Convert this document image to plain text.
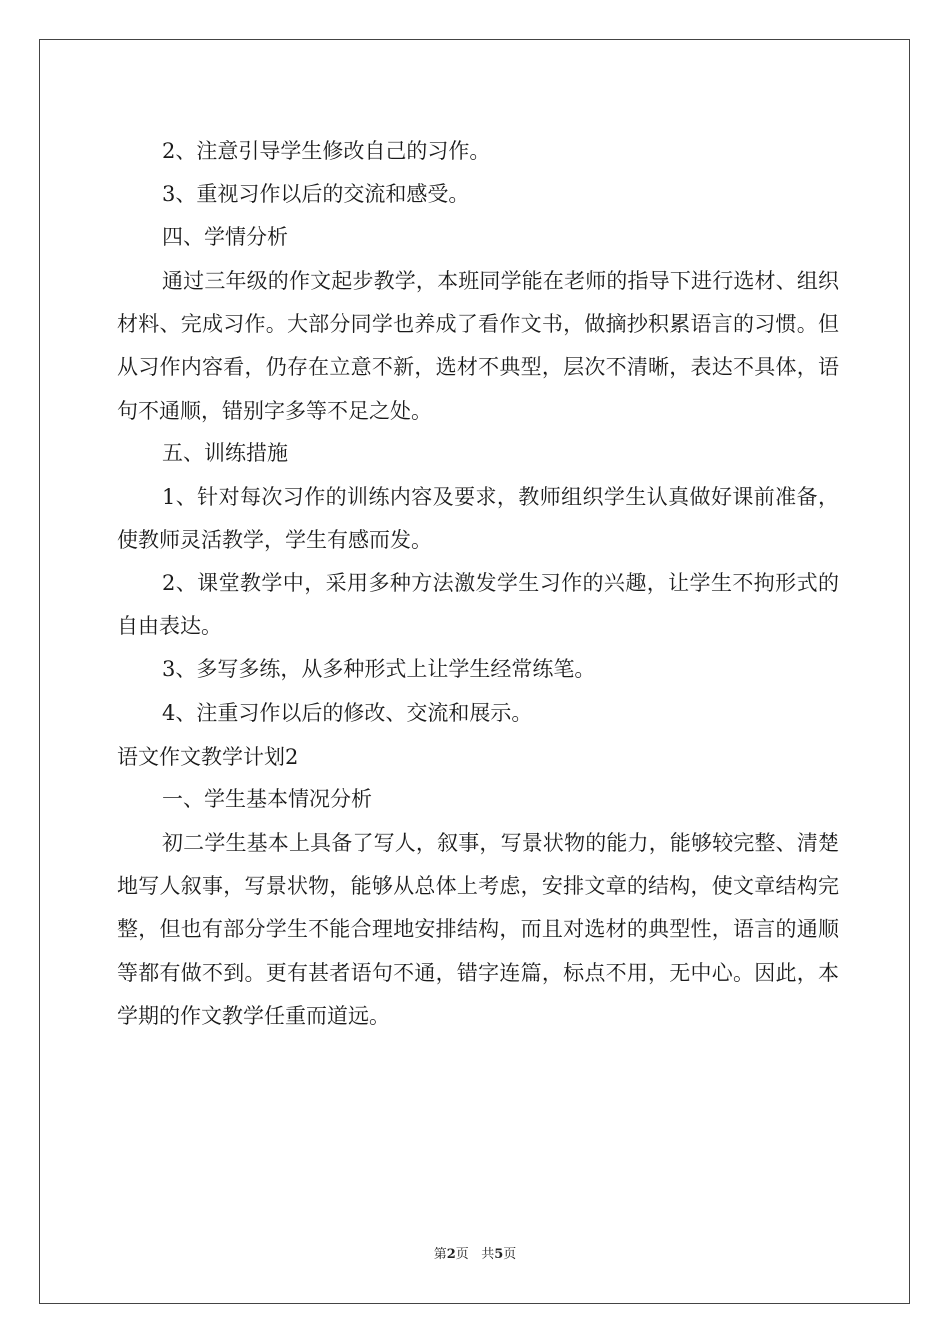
2、注意引导学生修改自己的习作。
3、重视习作以后的交流和感受。
四、学情分析
通过三年级的作文起步教学，本班同学能在老师的指导下进行选材、组织材料、完成习作。大部分同学也养成了看作文书，做摘抄积累语言的习惯。但从习作内容看，仍存在立意不新，选材不典型，层次不清晰，表达不具体，语句不通顺，错别字多等不足之处。
五、训练措施
1、针对每次习作的训练内容及要求，教师组织学生认真做好课前准备，使教师灵活教学，学生有感而发。
2、课堂教学中，采用多种方法激发学生习作的兴趣，让学生不拘形式的自由表达。
3、多写多练，从多种形式上让学生经常练笔。
4、注重习作以后的修改、交流和展示。
语文作文教学计划2
一、学生基本情况分析
初二学生基本上具备了写人，叙事，写景状物的能力，能够较完整、清楚地写人叙事，写景状物，能够从总体上考虑，安排文章的结构，使文章结构完整，但也有部分学生不能合理地安排结构，而且对选材的典型性，语言的通顺等都有做不到。更有甚者语句不通，错字连篇，标点不用，无中心。因此，本学期的作文教学任重而道远。
第2页   共5页
